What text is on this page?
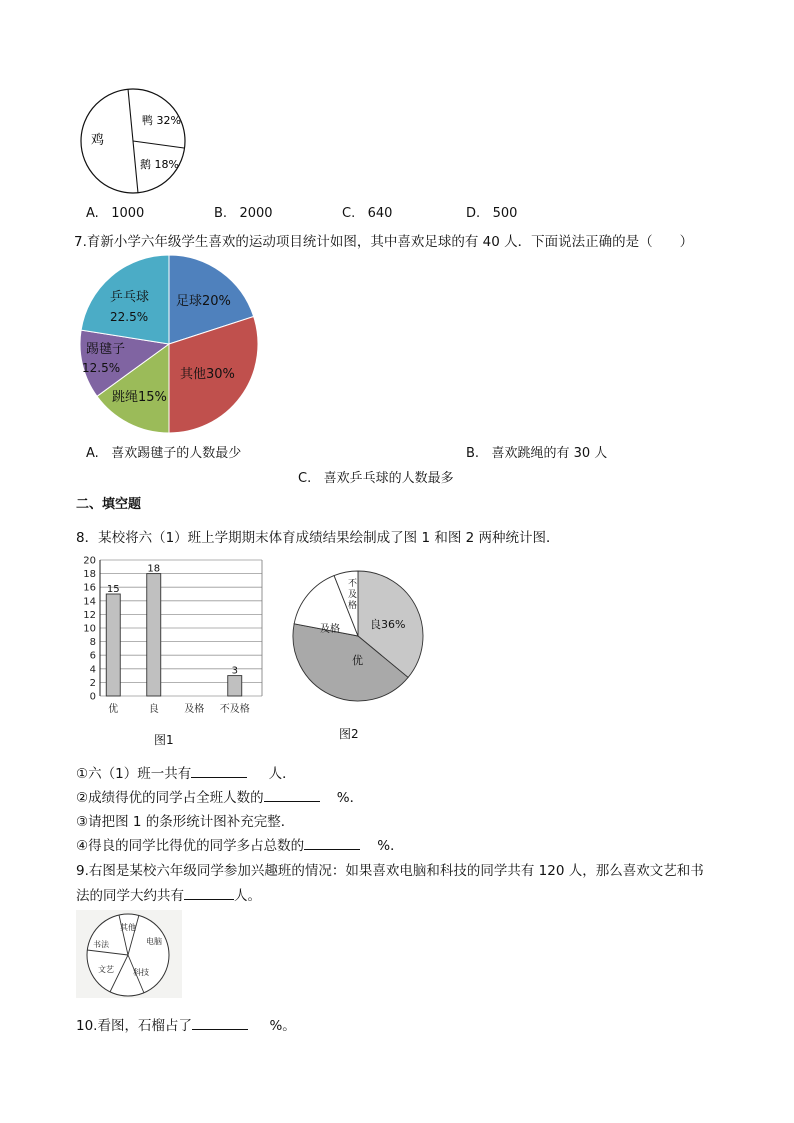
鸡
鸭 32%
鹅 18%
A. 1000	B. 2000	C. 640	D. 500
7.育新小学六年级学生喜欢的运动项目统计如图，其中喜欢足球的有 40 人．下面说法正确的是（　　）
足球20%
其他30%
跳绳15%
踢毽子
12.5%
乒乓球
22.5%
A. 喜欢踢毽子的人数最少	B. 喜欢跳绳的有 30 人
C. 喜欢乒乓球的人数最多
二、填空题
8．某校将六（1）班上学期期末体育成绩结果绘制成了图 1 和图 2 两种统计图．
0
2
4
6
8
10
12
14
16
18
20
15
18
3
优	良	及格 不及格
图1
良36%
优
及格
不及格
图2
①六（1）班一共有	人．
②成绩得优的同学占全班人数的	%．
③请把图 1 的条形统计图补充完整．
④得良的同学比得优的同学多占总数的	%．
9.右图是某校六年级同学参加兴趣班的情况：如果喜欢电脑和科技的同学共有 120 人，那么喜欢文艺和书
法的同学大约共有	人。
其他
电脑
书法
文艺 科技
10.看图，石榴占了	%。
